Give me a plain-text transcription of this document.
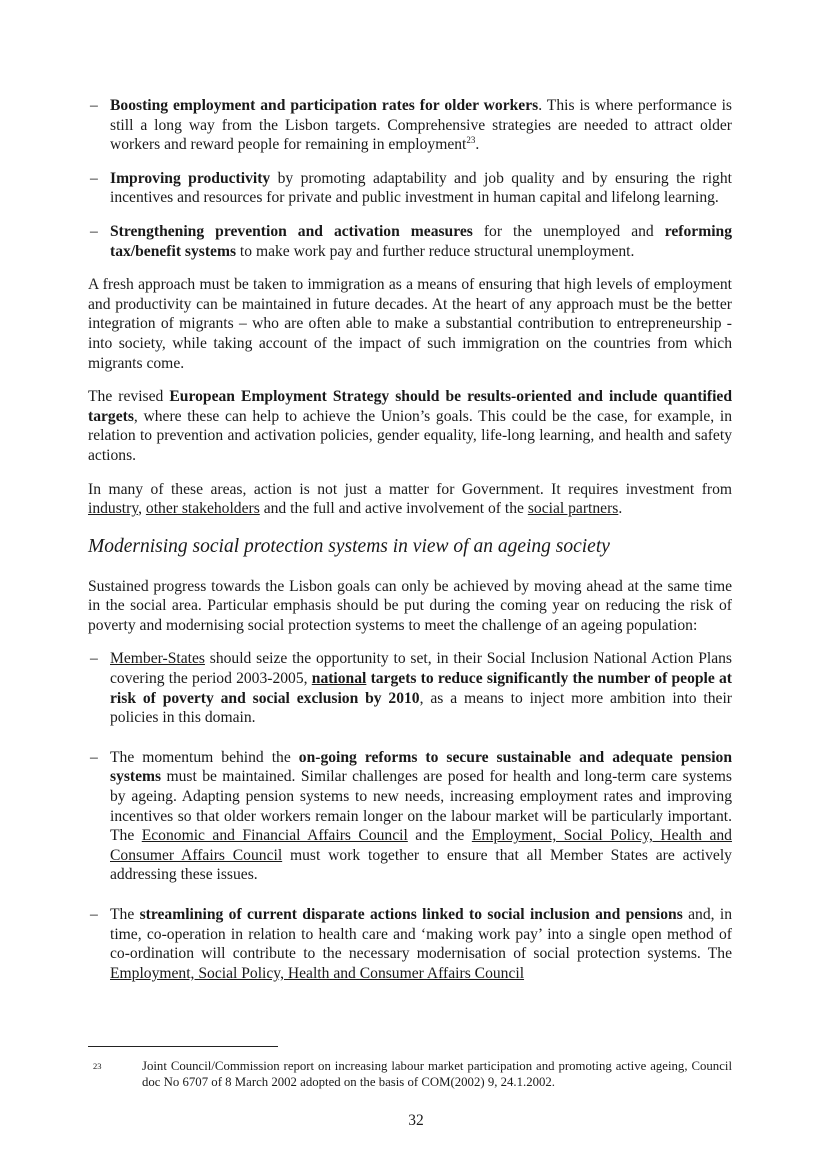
– Boosting employment and participation rates for older workers. This is where performance is still a long way from the Lisbon targets. Comprehensive strategies are needed to attract older workers and reward people for remaining in employment$^{23}$.

– Improving productivity by promoting adaptability and job quality and by ensuring the right incentives and resources for private and public investment in human capital and lifelong learning.

– Strengthening prevention and activation measures for the unemployed and reforming tax/benefit systems to make work pay and further reduce structural unemployment.

A fresh approach must be taken to immigration as a means of ensuring that high levels of employment and productivity can be maintained in future decades. At the heart of any approach must be the better integration of migrants – who are often able to make a substantial contribution to entrepreneurship - into society, while taking account of the impact of such immigration on the countries from which migrants come.

The revised European Employment Strategy should be results-oriented and include quantified targets, where these can help to achieve the Union’s goals. This could be the case, for example, in relation to prevention and activation policies, gender equality, life-long learning, and health and safety actions.

In many of these areas, action is not just a matter for Government. It requires investment from industry, other stakeholders and the full and active involvement of the social partners.

Modernising social protection systems in view of an ageing society

Sustained progress towards the Lisbon goals can only be achieved by moving ahead at the same time in the social area. Particular emphasis should be put during the coming year on reducing the risk of poverty and modernising social protection systems to meet the challenge of an ageing population:

– Member-States should seize the opportunity to set, in their Social Inclusion National Action Plans covering the period 2003-2005, national targets to reduce significantly the number of people at risk of poverty and social exclusion by 2010, as a means to inject more ambition into their policies in this domain.

– The momentum behind the on-going reforms to secure sustainable and adequate pension systems must be maintained. Similar challenges are posed for health and long-term care systems by ageing. Adapting pension systems to new needs, increasing employment rates and improving incentives so that older workers remain longer on the labour market will be particularly important. The Economic and Financial Affairs Council and the Employment, Social Policy, Health and Consumer Affairs Council must work together to ensure that all Member States are actively addressing these issues.

– The streamlining of current disparate actions linked to social inclusion and pensions and, in time, co-operation in relation to health care and ‘making work pay’ into a single open method of co-ordination will contribute to the necessary modernisation of social protection systems. The Employment, Social Policy, Health and Consumer Affairs Council

23	Joint Council/Commission report on increasing labour market participation and promoting active ageing, Council doc No 6707 of 8 March 2002 adopted on the basis of COM(2002) 9, 24.1.2002.
32
